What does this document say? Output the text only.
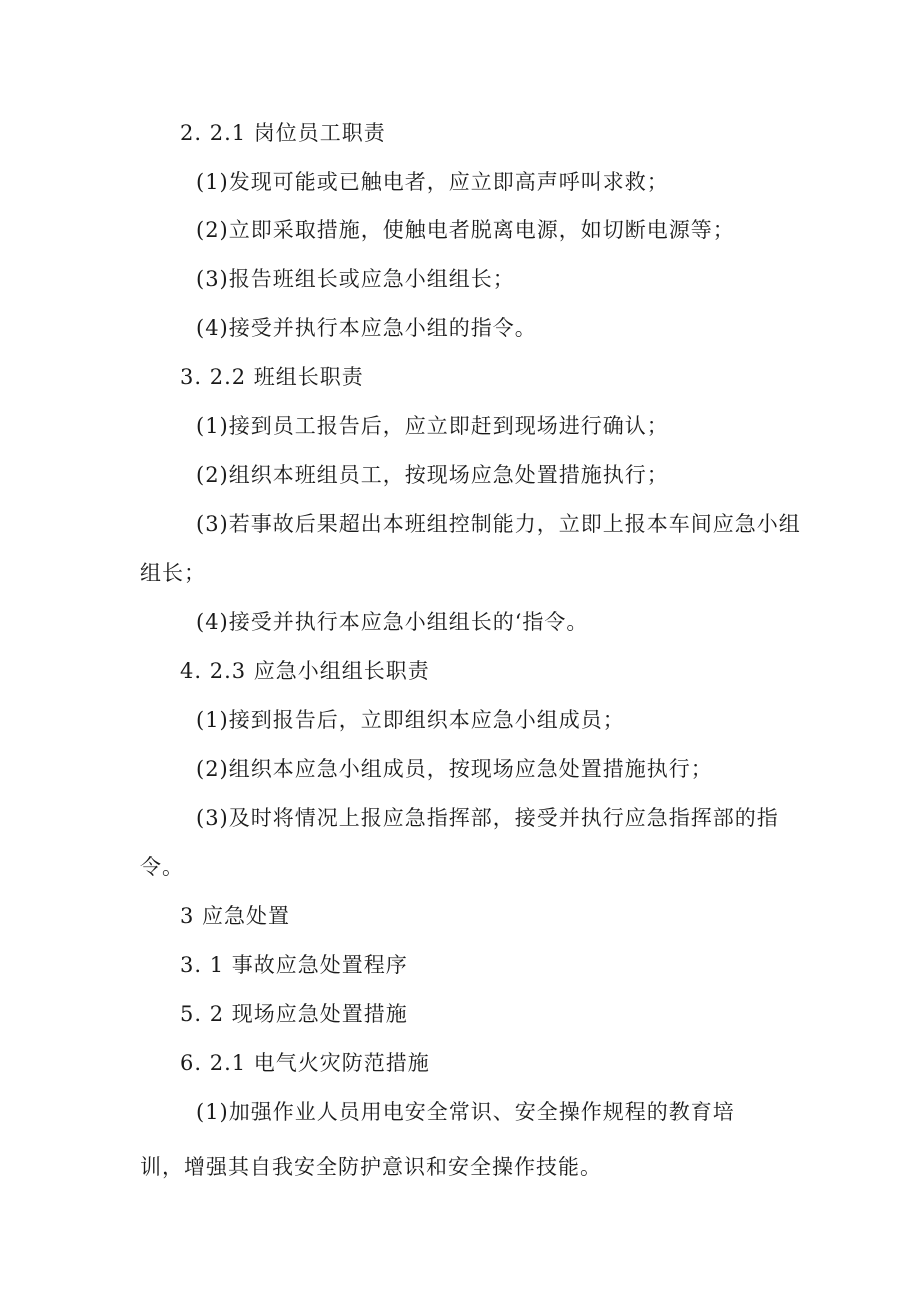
2. 2.1 岗位员工职责
(1)发现可能或已触电者，应立即高声呼叫求救；
(2)立即采取措施，使触电者脱离电源，如切断电源等；
(3)报告班组长或应急小组组长；
(4)接受并执行本应急小组的指令。
3. 2.2 班组长职责
(1)接到员工报告后，应立即赶到现场进行确认；
(2)组织本班组员工，按现场应急处置措施执行；
(3)若事故后果超出本班组控制能力，立即上报本车间应急小组
组长；
(4)接受并执行本应急小组组长的‘指令。
4. 2.3 应急小组组长职责
(1)接到报告后，立即组织本应急小组成员；
(2)组织本应急小组成员，按现场应急处置措施执行；
(3)及时将情况上报应急指挥部，接受并执行应急指挥部的指
令。
3 应急处置
3. 1 事故应急处置程序
5. 2 现场应急处置措施
6. 2.1 电气火灾防范措施
(1)加强作业人员用电安全常识、安全操作规程的教育培
训，增强其自我安全防护意识和安全操作技能。
